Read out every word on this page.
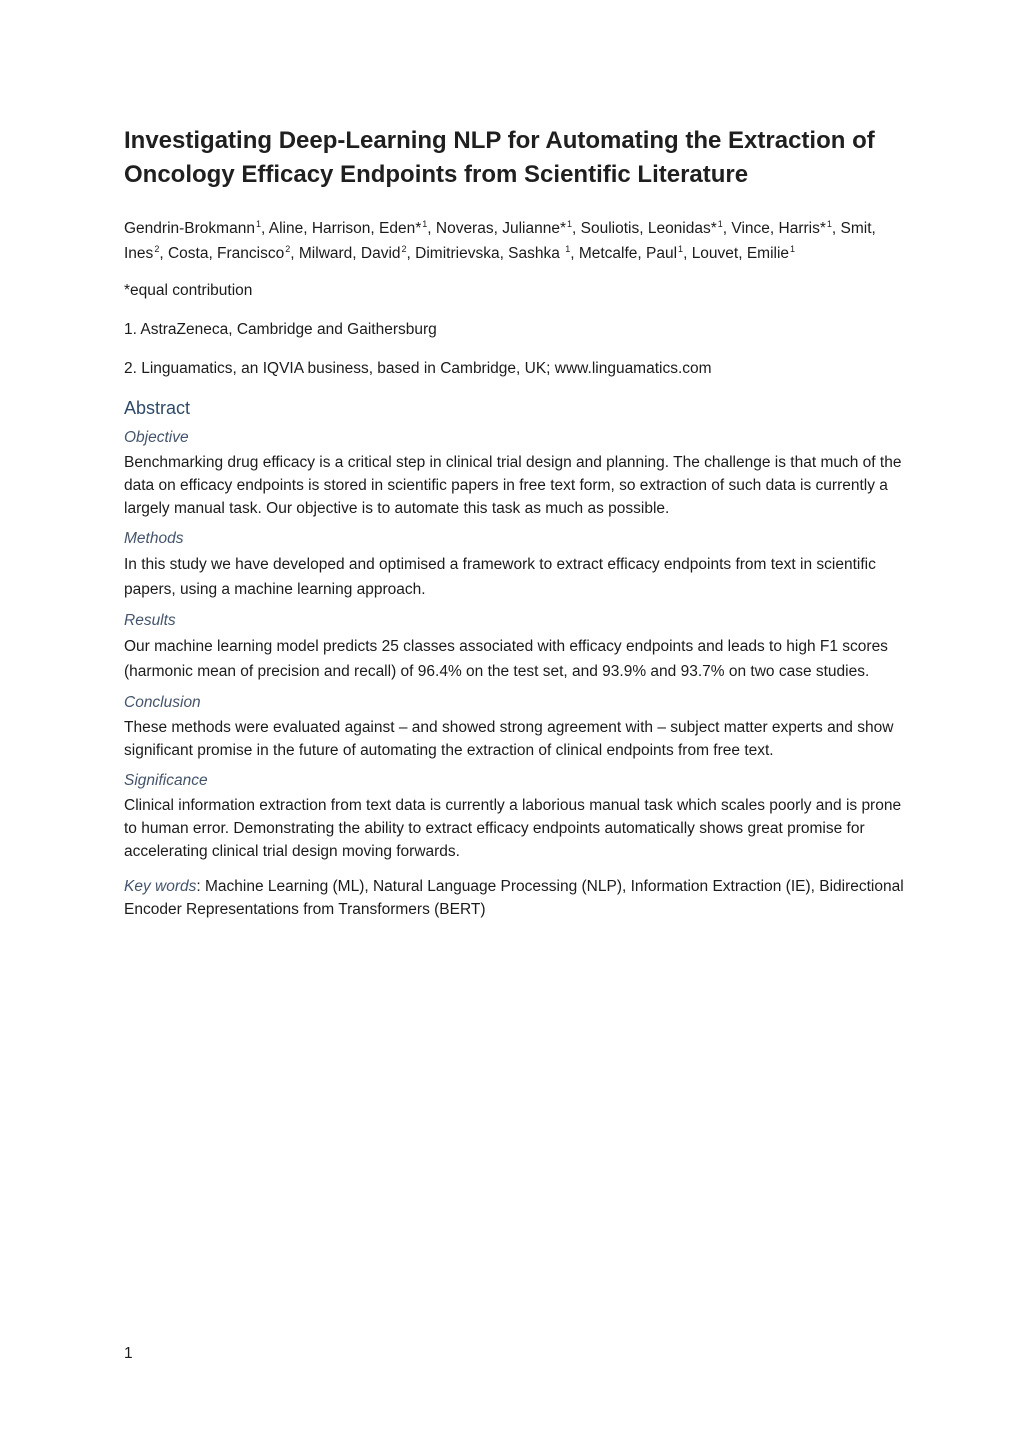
Investigating Deep-Learning NLP for Automating the Extraction of Oncology Efficacy Endpoints from Scientific Literature

Gendrin-Brokmann$^1$, Aline, Harrison, Eden*$^1$, Noveras, Julianne*$^1$, Souliotis, Leonidas*$^1$, Vince, Harris*$^1$, Smit, Ines$^2$, Costa, Francisco$^2$, Milward, David$^2$, Dimitrievska, Sashka $^1$, Metcalfe, Paul$^1$, Louvet, Emilie$^1$

*equal contribution

1. AstraZeneca, Cambridge and Gaithersburg

2. Linguamatics, an IQVIA business, based in Cambridge, UK; www.linguamatics.com

Abstract
Objective

Benchmarking drug efficacy is a critical step in clinical trial design and planning. The challenge is that much of the data on efficacy endpoints is stored in scientific papers in free text form, so extraction of such data is currently a largely manual task. Our objective is to automate this task as much as possible.

Methods

In this study we have developed and optimised a framework to extract efficacy endpoints from text in scientific papers, using a machine learning approach.

Results

Our machine learning model predicts 25 classes associated with efficacy endpoints and leads to high F1 scores (harmonic mean of precision and recall) of 96.4% on the test set, and 93.9% and 93.7% on two case studies.

Conclusion

These methods were evaluated against – and showed strong agreement with – subject matter experts and show significant promise in the future of automating the extraction of clinical endpoints from free text.

Significance

Clinical information extraction from text data is currently a laborious manual task which scales poorly and is prone to human error. Demonstrating the ability to extract efficacy endpoints automatically shows great promise for accelerating clinical trial design moving forwards.

Key words: Machine Learning (ML), Natural Language Processing (NLP), Information Extraction (IE), Bidirectional Encoder Representations from Transformers (BERT)

1
